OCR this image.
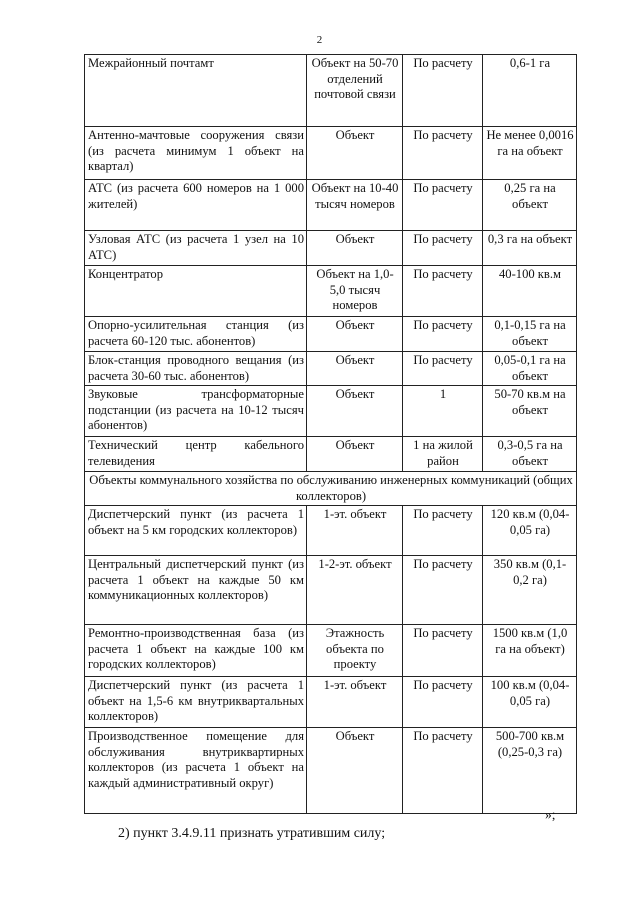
2
Межрайонный почтамт	Объект на 50-70 отделений почтовой связи	По расчету	0,6-1 га
Антенно-мачтовые сооружения связи (из расчета минимум 1 объект на квартал)	Объект	По расчету	Не менее 0,0016 га на объект
АТС (из расчета 600 номеров на 1 000 жителей)	Объект на 10-40 тысяч номеров	По расчету	0,25 га на объект
Узловая АТС (из расчета 1 узел на 10 АТС)	Объект	По расчету	0,3 га на объект
Концентратор	Объект на 1,0-5,0 тысяч номеров	По расчету	40-100 кв.м
Опорно-усилительная станция (из расчета 60-120 тыс. абонентов)	Объект	По расчету	0,1-0,15 га на объект
Блок-станция проводного вещания (из расчета 30-60 тыс. абонентов)	Объект	По расчету	0,05-0,1 га на объект
Звуковые трансформаторные подстанции (из расчета на 10-12 тысяч абонентов)	Объект	1	50-70 кв.м на объект
Технический центр кабельного телевидения	Объект	1 на жилой район	0,3-0,5 га на объект
Объекты коммунального хозяйства по обслуживанию инженерных коммуникаций (общих коллекторов)			
Диспетчерский пункт (из расчета 1 объект на 5 км городских коллекторов)	1-эт. объект	По расчету	120 кв.м (0,04-0,05 га)
Центральный диспетчерский пункт (из расчета 1 объект на каждые 50 км коммуникационных коллекторов)	1-2-эт. объект	По расчету	350 кв.м (0,1-0,2 га)
Ремонтно-производственная база (из расчета 1 объект на каждые 100 км городских коллекторов)	Этажность объекта по проекту	По расчету	1500 кв.м (1,0 га на объект)
Диспетчерский пункт (из расчета 1 объект на 1,5-6 км внутриквартальных коллекторов)	1-эт. объект	По расчету	100 кв.м (0,04-0,05 га)
Производственное помещение для обслуживания внутриквартирных коллекторов (из расчета 1 объект на каждый административный округ)	Объект	По расчету	500-700 кв.м (0,25-0,3 га)
»;
2) пункт 3.4.9.11 признать утратившим силу;
